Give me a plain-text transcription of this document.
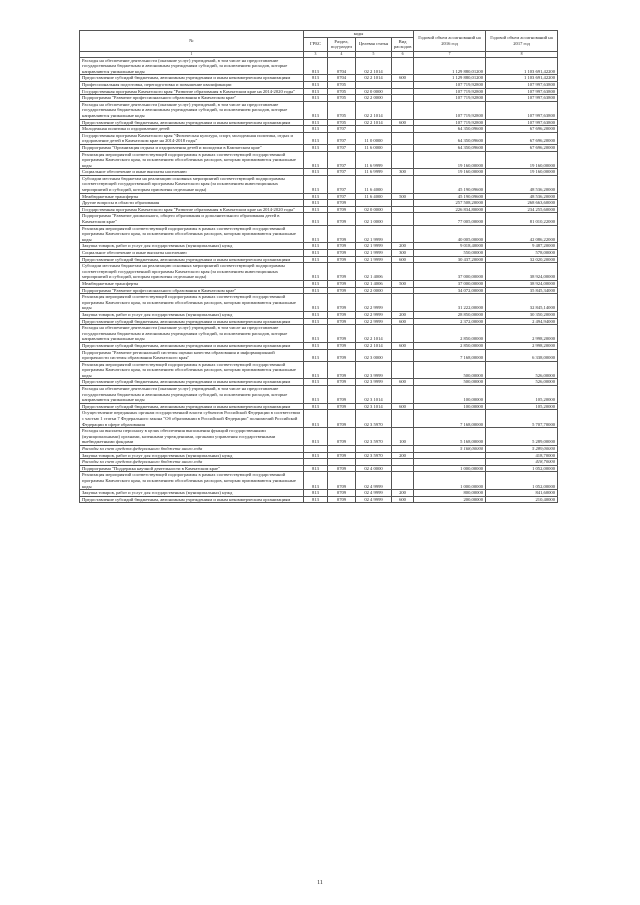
№	коды				Годовой объем ассигнований на 2016 год	Годовой объем ассигнований на 2017 год
	ГРБС	Раздел, под-раздел	Целевая статья	Вид расходов		
1	3	4	5	6	7	8
Расходы на обеспечение деятельности (оказание услуг) учреждений, в том числе на предоставление государственным бюджетным и автономным учреждениям субсидий, за исключением расходов, которые направляются уникальные коды	813	0704	02 2 1014		1 129 880,01200	1 103 691,42200
Предоставление субсидий бюджетным, автономным учреждениям и иным некоммерческим организациям	813	0704	02 2 1014	600	1 129 880,01200	1 103 691,42200
Профессиональная подготовка, переподготовка и повышение квалификации	813	0705			107 719,92800	107 997,63800
Государственная программа Камчатского края "Развитие образования в Камчатском крае на 2014-2020 годы"	813	0705	02 0 0000		107 719,92800	107 997,63800
Подпрограмма "Развитие профессионального образования в Камчатском крае"	813	0705	02 2 0000		107 719,92800	107 997,63800
Расходы на обеспечение деятельности (оказание услуг) учреждений, в том числе на предоставление государственным бюджетным и автономным учреждениям субсидий, за исключением расходов, которые направляются уникальные коды	813	0705	02 2 1014		107 719,92800	107 997,63800
Предоставление субсидий бюджетным, автономным учреждениям и иным некоммерческим организациям	813	0705	02 2 1014	600	107 719,92800	107 997,63800
Молодежная политика и оздоровление детей	813	0707			64 350,09600	67 696,20000
Государственная программа Камчатского края "Физическая культура, спорт, молодежная политика, отдых и оздоровление детей в Камчатском крае на 2014-2018 годы"	813	0707	11 0 0000		64 350,09600	67 696,20000
Подпрограмма "Организация отдыха и оздоровления детей и молодежи в Камчатском крае"	813	0707	11 6 0000		64 350,09600	67 696,20000
Реализация мероприятий соответствующей подпрограммы в рамках соответствующей государственной программы Камчатского края, за исключением обособленных расходов, которым присваиваются уникальные коды	813	0707	11 6 9999		19 160,00000	19 160,00000
Социальное обеспечение и иные выплаты населению	813	0707	11 6 9999	300	19 160,00000	19 160,00000
Субсидии местным бюджетам на реализацию основных мероприятий соответствующей подпрограммы соответствующей государственной программы Камчатского края (за исключением инвестиционных мероприятий и субсидий, которым присвоены отдельные коды)	813	0707	11 6 4000		45 190,09600	48 536,20000
Межбюджетные трансферты	813	0707	11 6 4000	500	45 190,09600	48 536,20000
Другие вопросы в области образования	813	0709			257 508,20000	268 663,60000
Государственная программа Камчатского края "Развитие образования в Камчатском крае на 2014-2020 годы"	813	0709	02 0 0000		226 834,80000	234 255,60000
Подпрограмма "Развитие дошкольного, общего образования и дополнительного образования детей в Камчатском крае"	813	0709	02 1 0000		77 005,00000	81 010,22000
Реализация мероприятий соответствующей подпрограммы в рамках соответствующей государственной программы Камчатского края, за исключением обособленных расходов, которым присваиваются уникальные коды	813	0709	02 1 9999		40 005,00000	42 086,22000
Закупка товаров, работ и услуг для государственных (муниципальных) нужд	813	0709	02 1 9999	200	9 018,40000	9 487,20000
Социальное обеспечение и иные выплаты населению	813	0709	02 1 9999	300	550,00000	578,00000
Предоставление субсидий бюджетным, автономным учреждениям и иным некоммерческим организациям	813	0709	02 1 9999	600	30 437,20000	32 020,20000
Субсидии местным бюджетам на реализацию основных мероприятий соответствующей подпрограммы соответствующей государственной программы Камчатского края (за исключением инвестиционных мероприятий и субсидий, которым присвоены отдельные коды)	813	0709	02 1 4006		37 000,00000	38 924,00000
Межбюджетные трансферты	813	0709	02 1 4006	500	37 000,00000	38 924,00000
Подпрограмма "Развитие профессионального образования в Камчатском крае"	813	0709	02 2 0000		34 072,00000	35 845,34000
Реализация мероприятий соответствующей подпрограммы в рамках соответствующей государственной программы Камчатского края, за исключением обособленных расходов, которым присваиваются уникальные коды	813	0709	02 2 9999		31 222,00000	32 845,14000
Закупка товаров, работ и услуг для государственных (муниципальных) нужд	813	0709	02 2 9999	200	28 850,00000	30 350,20000
Предоставление субсидий бюджетным, автономным учреждениям и иным некоммерческим организациям	813	0709	02 2 9999	600	2 372,00000	2 494,94000
Расходы на обеспечение деятельности (оказание услуг) учреждений, в том числе на предоставление государственным бюджетным и автономным учреждениям субсидий, за исключением расходов, которые направляются уникальные коды	813	0709	02 2 1014		2 850,00000	2 998,20000
Предоставление субсидий бюджетным, автономным учреждениям и иным некоммерческим организациям	813	0709	02 2 1014	600	2 850,00000	2 998,20000
Подпрограмма "Развитие региональной системы оценки качества образования и информационной прозрачности системы образования Камчатского края"	813	0709	02 3 0000		7 168,00000	6 338,00000
Реализация мероприятий соответствующей подпрограммы в рамках соответствующей государственной программы Камчатского края, за исключением обособленных расходов, которым присваиваются уникальные коды	813	0709	02 3 9999		500,00000	526,00000
Предоставление субсидий бюджетным, автономным учреждениям и иным некоммерческим организациям	813	0709	02 3 9999	600	500,00000	526,00000
Расходы на обеспечение деятельности (оказание услуг) учреждений, в том числе на предоставление государственным бюджетным и автономным учреждениям субсидий, за исключением расходов, которые направляются уникальные коды	813	0709	02 3 1014		100,00000	105,20000
Предоставление субсидий бюджетным, автономным учреждениям и иным некоммерческим организациям	813	0709	02 3 1014	600	100,00000	105,20000
Осуществление переданных органам государственной власти субъектов Российской Федерации в соответствии с частью 1 статьи 7 Федерального закона "Об образовании в Российской Федерации" полномочий Российской Федерации в сфере образования	813	0709	02 3 5970		7 168,00000	5 707,70000
Расходы на выплаты персоналу в целях обеспечения выполнения функций государственными (муниципальными) органами, казенными учреждениями, органами управления государственными внебюджетными фондами	813	0709	02 3 5970	100	5 168,00000	5 289,00000
Расходы за счет средств федерального бюджета иного года					5 168,00000	5 289,00000
Закупка товаров, работ и услуг для государственных (муниципальных) нужд	813	0709	02 3 5970	200		418,70000
Расходы за счет средств федерального бюджета иного года						418,70000
Подпрограмма "Поддержка научной деятельности в Камчатском крае"	813	0709	02 4 0000		1 000,00000	1 052,00000
Реализация мероприятий соответствующей подпрограммы в рамках соответствующей государственной программы Камчатского края, за исключением обособленных расходов, которым присваиваются уникальные коды	813	0709	02 4 9999		1 000,00000	1 052,00000
Закупка товаров, работ и услуг для государственных (муниципальных) нужд	813	0709	02 4 9999	200	800,00000	841,60000
Предоставление субсидий бюджетным, автономным учреждениям и иным некоммерческим организациям	813	0709	02 4 9999	600	200,00000	210,40000
11
